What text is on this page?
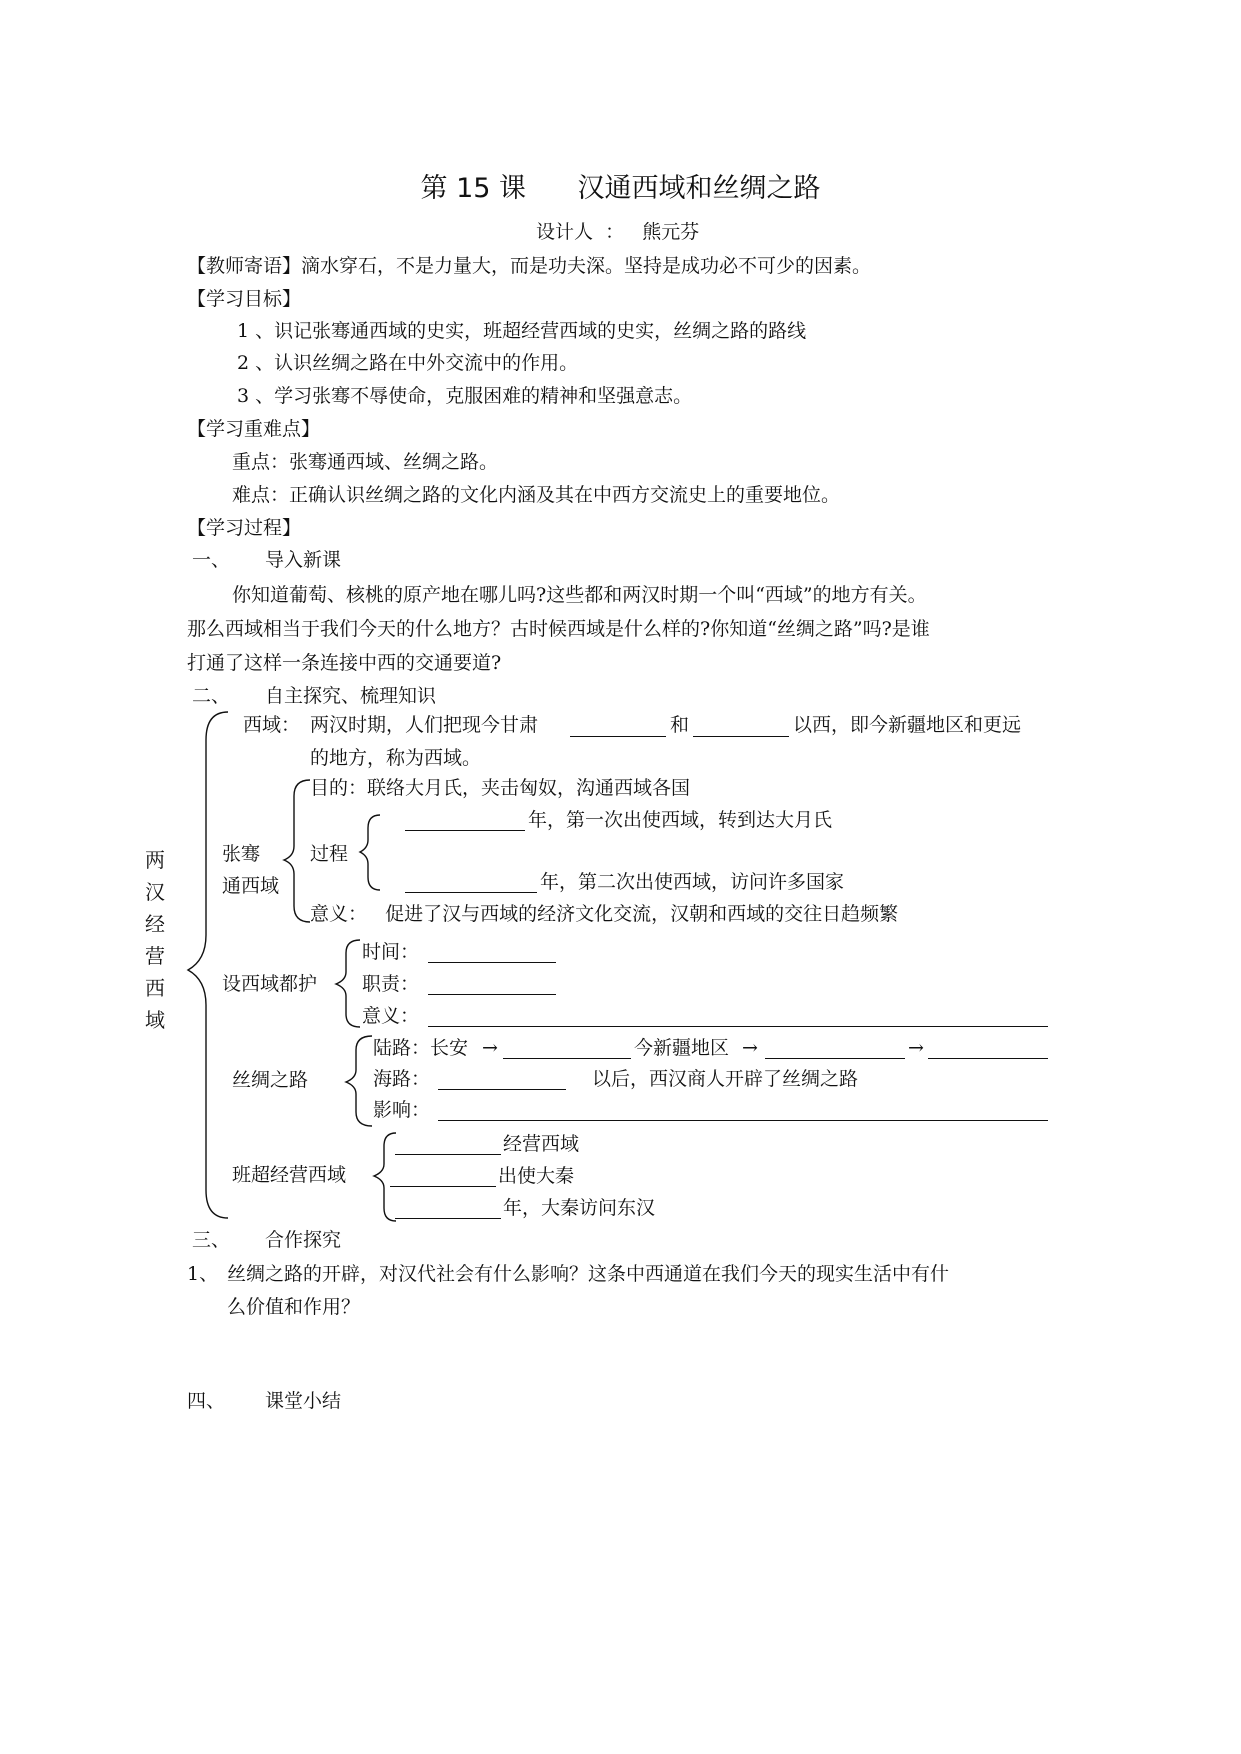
第 15 课      汉通西域和丝绸之路
设计人  ：   熊元芬
【教师寄语】滴水穿石，不是力量大，而是功夫深。坚持是成功必不可少的因素。
【学习目标】
1 、识记张骞通西域的史实，班超经营西域的史实，丝绸之路的路线
2 、认识丝绸之路在中外交流中的作用。
3 、学习张骞不辱使命，克服困难的精神和坚强意志。
【学习重难点】
重点：张骞通西域、丝绸之路。
难点：正确认识丝绸之路的文化内涵及其在中西方交流史上的重要地位。
【学习过程】
一、 导入新课
你知道葡萄、核桃的原产地在哪儿吗?这些都和两汉时期一个叫“西域”的地方有关。
那么西域相当于我们今天的什么地方？古时候西域是什么样的?你知道“丝绸之路”吗?是谁
打通了这样一条连接中西的交通要道?
二、 自主探究、梳理知识
两
汉
经
营
西
域
西域： 两汉时期，人们把现今甘肃	和	以西，即今新疆地区和更远
的地方，称为西域。
张骞
通西域
目的：联络大月氏，夹击匈奴，沟通西域各国
过程
年，第一次出使西域，转到达大月氏
年，第二次出使西域，访问许多国家
意义：   促进了汉与西域的经济文化交流，汉朝和西域的交往日趋频繁
设西域都护
时间：
职责：
意义：
丝绸之路
陆路：长安 →	今新疆地区 →	→
海路：	以后，西汉商人开辟了丝绸之路
影响：
班超经营西域
经营西域
出使大秦
年，大秦访问东汉
三、 合作探究
1、 丝绸之路的开辟，对汉代社会有什么影响？这条中西通道在我们今天的现实生活中有什
么价值和作用？
四、 课堂小结
